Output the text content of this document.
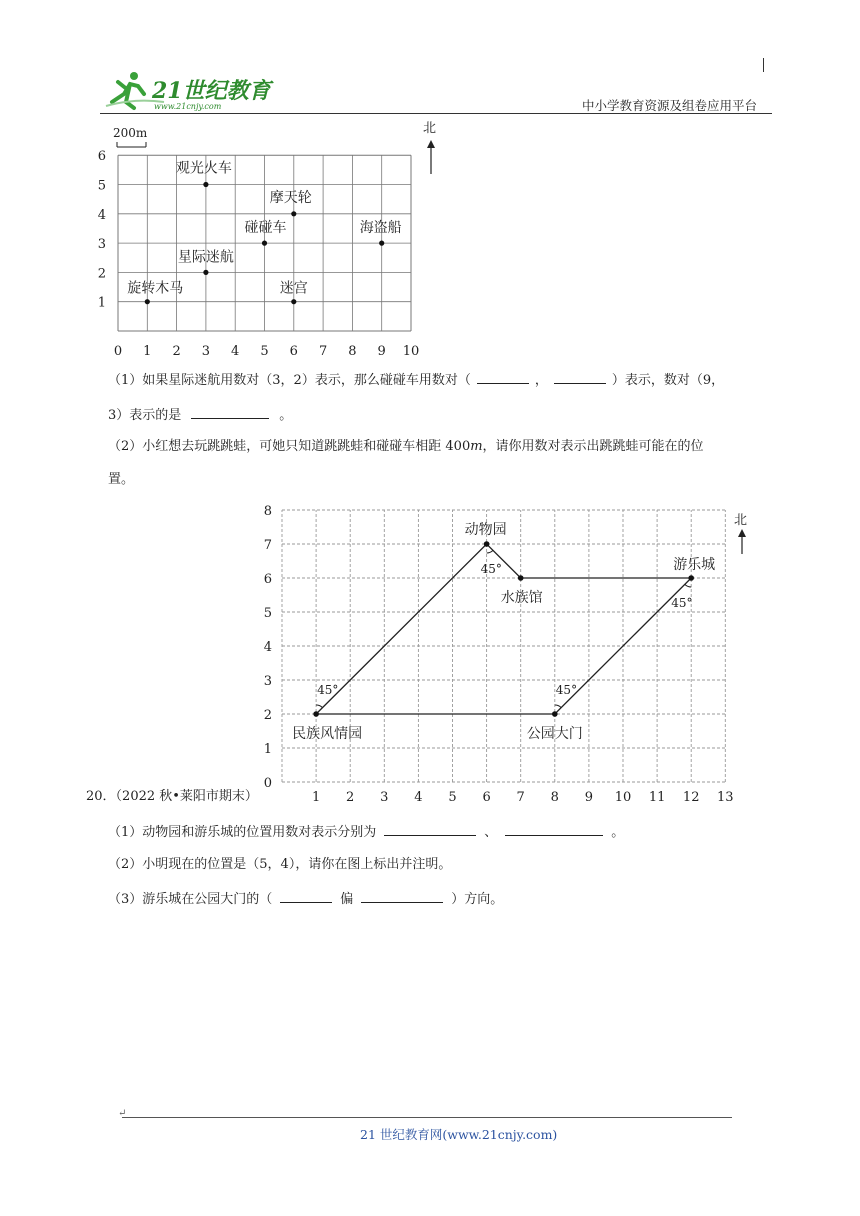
21世纪教育
www.21cnjy.com	中小学教育资源及组卷应用平台
200m	北
0 1 2 3 4 5 6 7 8 9 10
1
2
3
4
5
6
观光火车
摩天轮
碰碰车	海盗船
星际迷航
旋转木马	迷宫
（1）如果星际迷航用数对（3，2）表示，那么碰碰车用数对（	，	）表示，数对（9，
3）表示的是	。
（2）小红想去玩跳跳蛙，可她只知道跳跳蛙和碰碰车相距 400m，请你用数对表示出跳跳蛙可能在的位
置。
1 2 3 4 5 6 7 8 9 10 11 12 13
0
1
2
3
4
5
6
7
8
45°	45°
45°
45°
动物园
水族馆
游乐城
民族风情园	公园大门
北
20．（2022 秋•莱阳市期末）
（1）动物园和游乐城的位置用数对表示分别为	、	。
（2）小明现在的位置是（5，4），请你在图上标出并注明。
（3）游乐城在公园大门的（	偏	）方向。
↵
21 世纪教育网(www.21cnjy.com)
